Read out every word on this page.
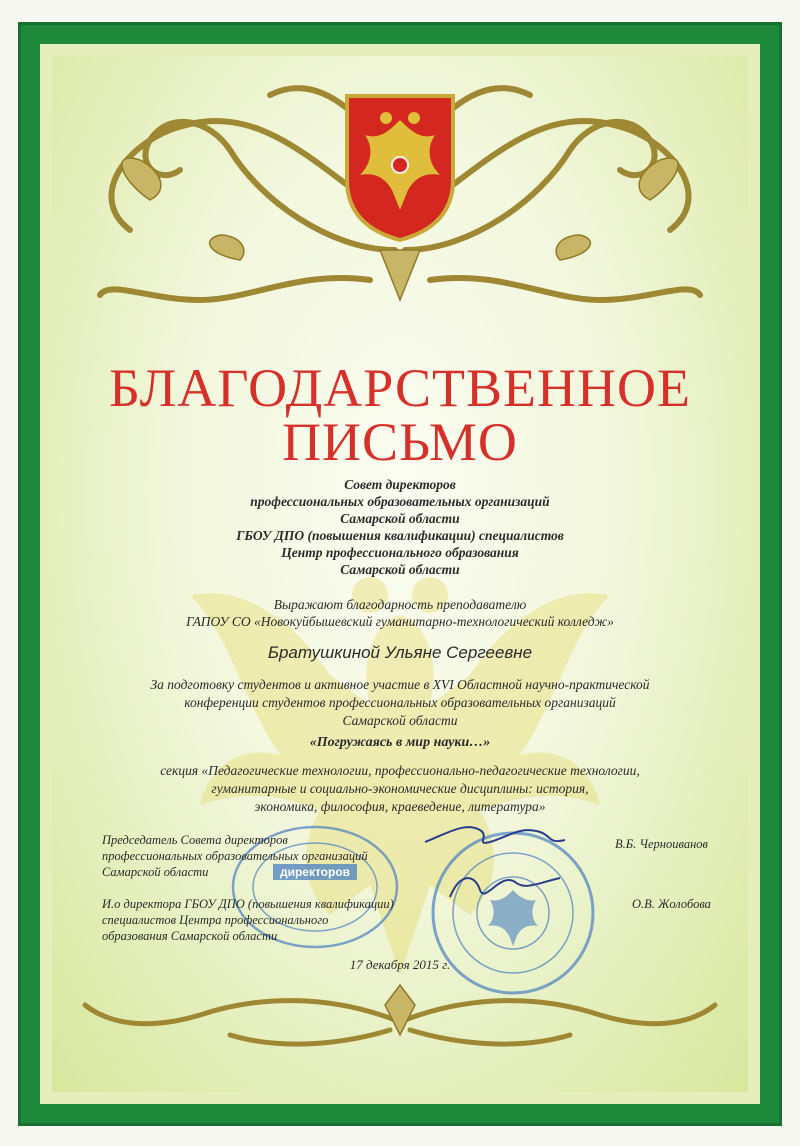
директоров

БЛАГОДАРСТВЕННОЕ

ПИСЬМО

Совет директоров

профессиональных образовательных организаций

Самарской области

ГБОУ ДПО (повышения квалификации) специалистов

Центр профессионального образования

Самарской области

Выражают благодарность преподавателю

ГАПОУ СО «Новокуйбышевский гуманитарно-технологический колледж»

Братушкиной Ульяне Сергеевне

За подготовку студентов и активное участие в XVI Областной научно-практической

конференции студентов профессиональных образовательных организаций

Самарской области

«Погружаясь в мир науки…»

секция «Педагогические технологии, профессионально-педагогические технологии,

гуманитарные и социально-экономические дисциплины: история,

экономика, философия, краеведение, литература»

Председатель Совета директоров
профессиональных образовательных организаций
Самарской области
В.Б. Черноиванов
И.о директора ГБОУ ДПО (повышения квалификации)
специалистов Центра профессионального
образования Самарской области
О.В. Жолобова

17 декабря 2015 г.
